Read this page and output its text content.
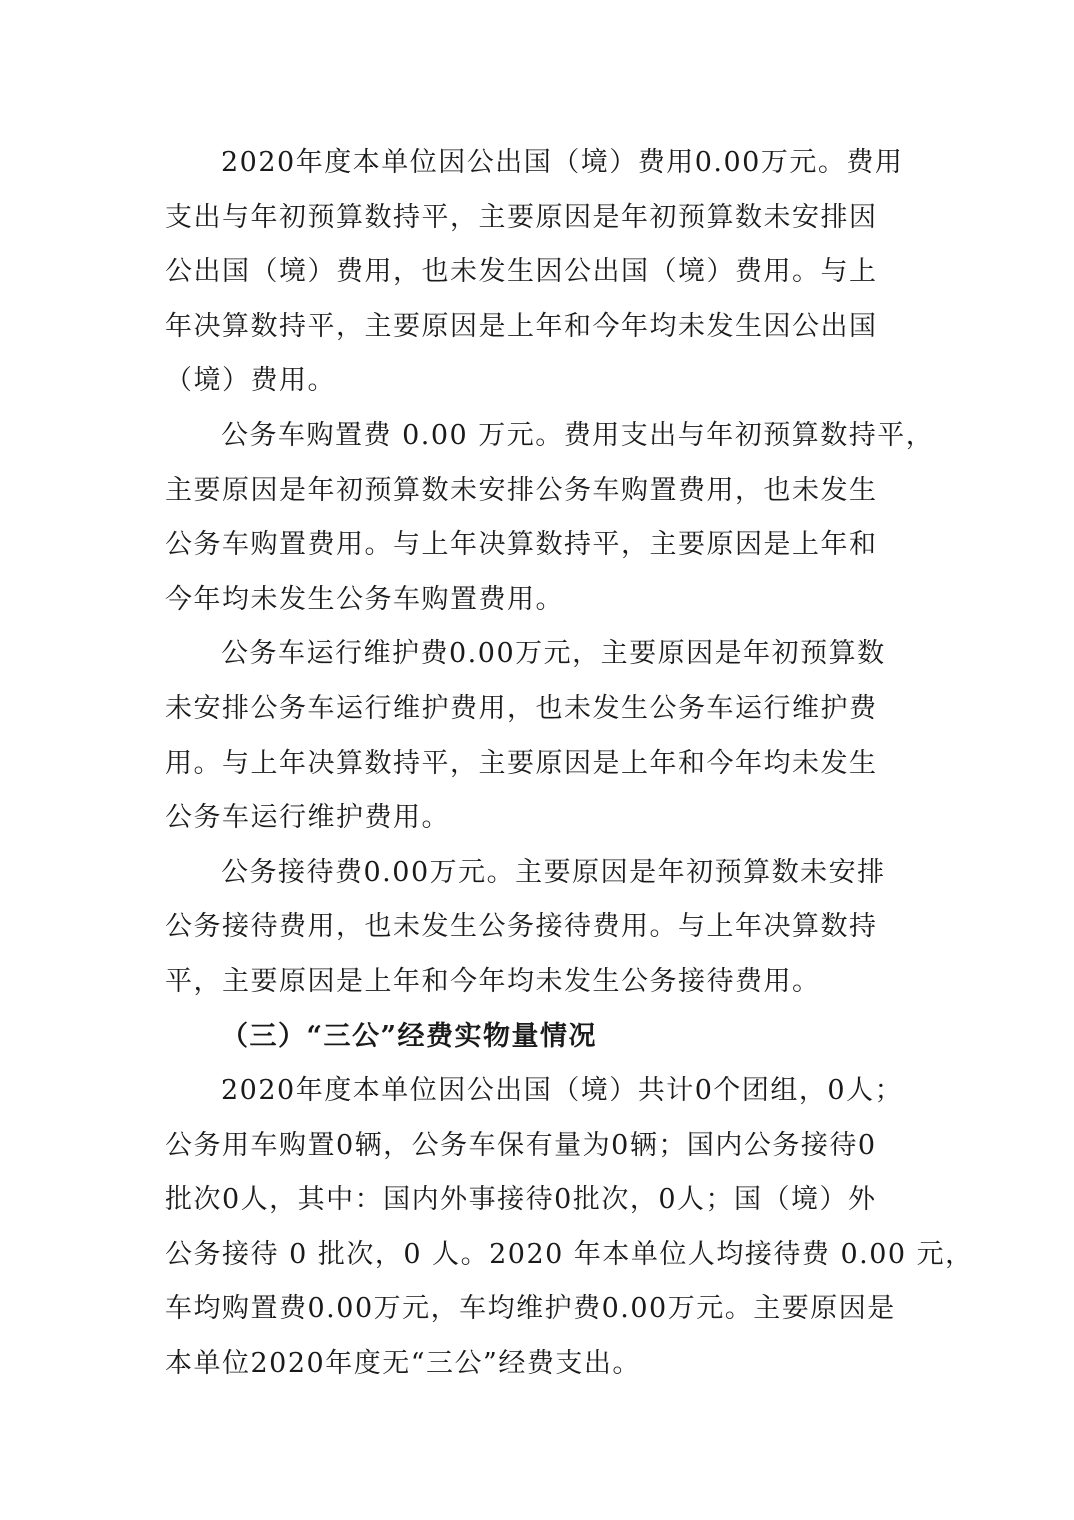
2020年度本单位因公出国（境）费用0.00万元。费用
支出与年初预算数持平，主要原因是年初预算数未安排因
公出国（境）费用，也未发生因公出国（境）费用。与上
年决算数持平，主要原因是上年和今年均未发生因公出国
（境）费用。
公务车购置费 0.00 万元。费用支出与年初预算数持平，
主要原因是年初预算数未安排公务车购置费用，也未发生
公务车购置费用。与上年决算数持平，主要原因是上年和
今年均未发生公务车购置费用。
公务车运行维护费0.00万元，主要原因是年初预算数
未安排公务车运行维护费用，也未发生公务车运行维护费
用。与上年决算数持平，主要原因是上年和今年均未发生
公务车运行维护费用。
公务接待费0.00万元。主要原因是年初预算数未安排
公务接待费用，也未发生公务接待费用。与上年决算数持
平，主要原因是上年和今年均未发生公务接待费用。
（三）“三公”经费实物量情况
2020年度本单位因公出国（境）共计0个团组，0人；
公务用车购置0辆，公务车保有量为0辆；国内公务接待0
批次0人，其中：国内外事接待0批次，0人；国（境）外
公务接待 0 批次，0 人。2020 年本单位人均接待费 0.00 元，
车均购置费0.00万元，车均维护费0.00万元。主要原因是
本单位2020年度无“三公”经费支出。
